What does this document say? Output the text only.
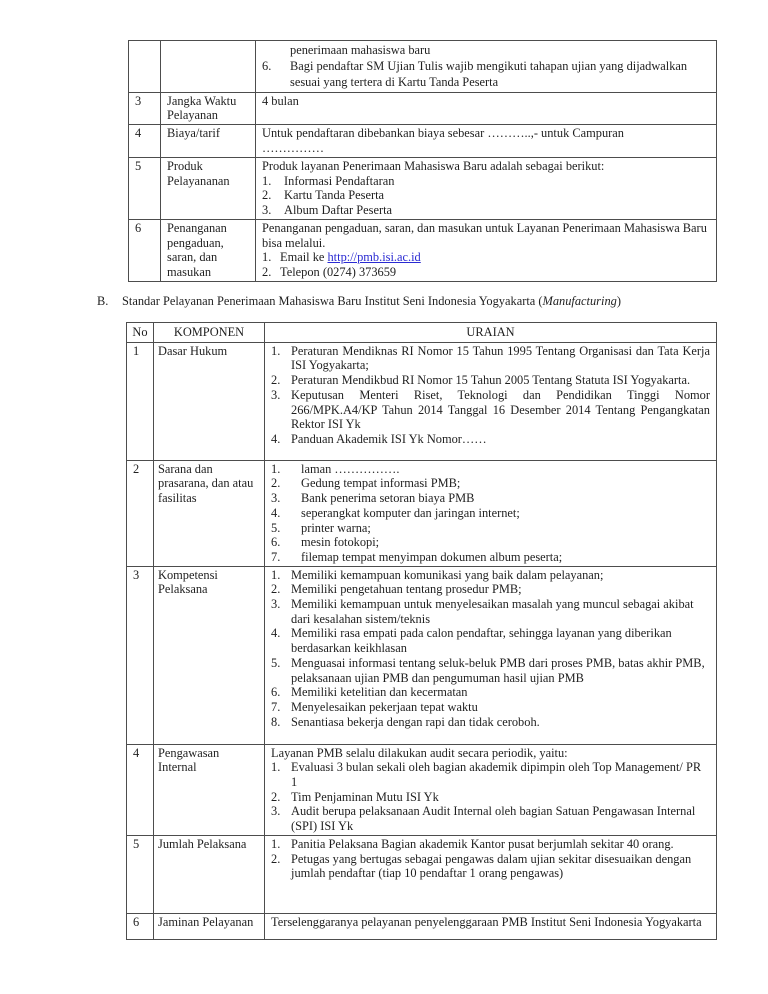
		penerimaan mahasiswa baru
6. Bagi pendaftar SM Ujian Tulis wajib mengikuti tahapan ujian yang dijadwalkan sesuai yang tertera di Kartu Tanda Peserta

3	Jangka Waktu Pelayanan	4 bulan
4	Biaya/tarif	Untuk pendaftaran dibebankan biaya sebesar ………..,- untuk Campuran
……………

5	Produk Pelayananan	
Produk layanan Penerimaan Mahasiswa Baru adalah sebagai berikut:
1.	Informasi Pendaftaran
2.	Kartu Tanda Peserta
3.	Album Daftar Peserta

6	Penanganan pengaduan, saran, dan masukan	Penanganan pengaduan, saran, dan masukan untuk Layanan Penerimaan Mahasiswa Baru bisa melalui.
1. Email ke http://pmb.isi.ac.id
2. Telepon (0274) 373659
B.	Standar Pelayanan Penerimaan Mahasiswa Baru Institut Seni Indonesia Yogyakarta (Manufacturing)
No	KOMPONEN	URAIAN
1	Dasar Hukum	1. Peraturan Mendiknas RI Nomor 15 Tahun 1995 Tentang Organisasi dan Tata Kerja ISI Yogyakarta;
2. Peraturan Mendikbud RI Nomor 15 Tahun 2005 Tentang Statuta ISI Yogyakarta.
3. Keputusan Menteri Riset, Teknologi dan Pendidikan Tinggi Nomor 266/MPK.A4/KP Tahun 2014 Tanggal 16 Desember 2014 Tentang Pengangkatan Rektor ISI Yk
4. Panduan Akademik ISI Yk Nomor……

2	Sarana dan prasarana, dan atau fasilitas	
1.	laman …………….
2.	Gedung tempat informasi PMB;
3.	Bank penerima setoran biaya PMB
4.	seperangkat komputer dan jaringan internet;
5.	printer warna;
6.	mesin fotokopi;
7.	filemap tempat menyimpan dokumen album peserta;

3	Kompetensi Pelaksana	
1. Memiliki kemampuan komunikasi yang baik dalam pelayanan;
2. Memiliki pengetahuan tentang prosedur PMB;
3. Memiliki kemampuan untuk menyelesaikan masalah yang muncul sebagai akibat dari kesalahan sistem/teknis
4. Memiliki rasa empati pada calon pendaftar, sehingga layanan yang diberikan berdasarkan keikhlasan
5. Menguasai informasi tentang seluk-beluk PMB dari proses PMB, batas akhir PMB, pelaksanaan ujian PMB dan pengumuman hasil ujian PMB
6. Memiliki ketelitian dan kecermatan
7. Menyelesaikan pekerjaan tepat waktu
8. Senantiasa bekerja dengan rapi dan tidak ceroboh.

4	Pengawasan Internal	
Layanan PMB selalu dilakukan audit secara periodik, yaitu:
1. Evaluasi 3 bulan sekali oleh bagian akademik dipimpin oleh Top Management/ PR 1
2. Tim Penjaminan Mutu ISI Yk
3. Audit berupa pelaksanaan Audit Internal oleh bagian Satuan Pengawasan Internal (SPI) ISI Yk

5	Jumlah Pelaksana	1. Panitia Pelaksana Bagian akademik Kantor pusat berjumlah sekitar 40 orang.
2. Petugas yang bertugas sebagai pengawas dalam ujian sekitar disesuaikan dengan jumlah pendaftar (tiap 10 pendaftar 1 orang pengawas)

6	Jaminan Pelayanan	Terselenggaranya pelayanan penyelenggaraan PMB Institut Seni Indonesia Yogyakarta
